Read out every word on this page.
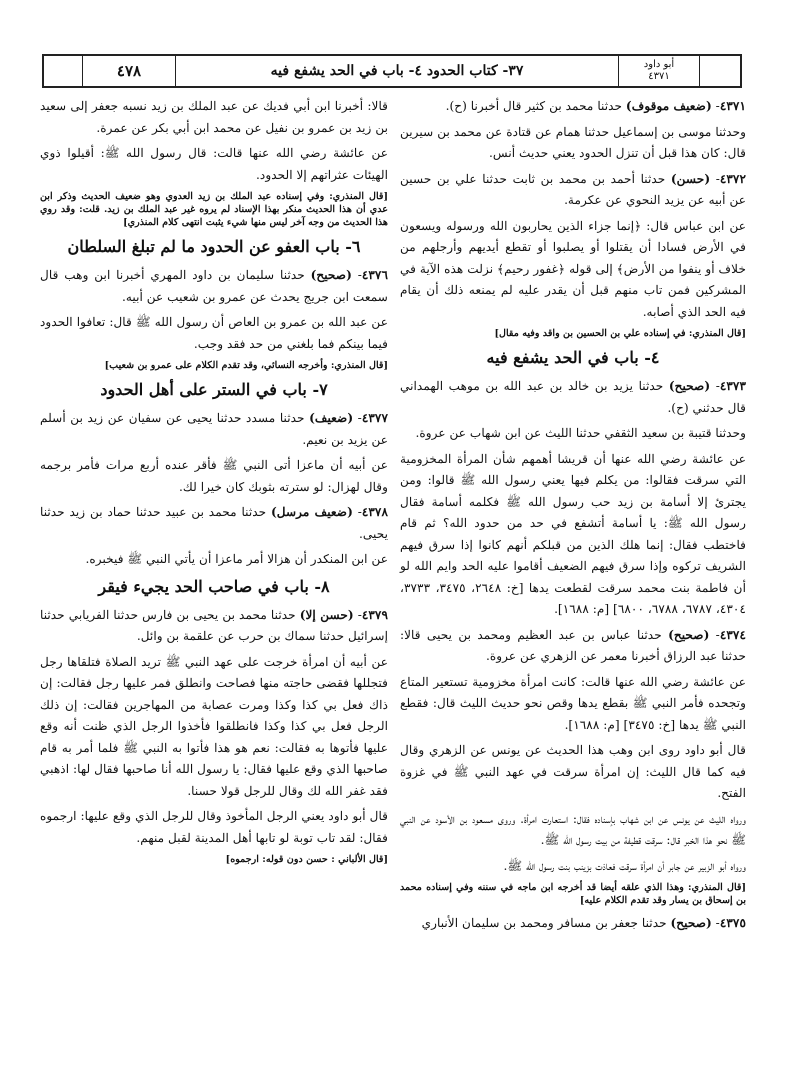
٤٧٨	٣٧- كتاب الحدود ٤- باب في الحد يشفع فيه	أبو داود
٤٣٧١

٤٣٧١- (ضعيف موقوف) حدثنا محمد بن كثير قال أخبرنا (ح).

وحدثنا موسى بن إسماعيل حدثنا همام عن قتادة عن محمد بن سيرين قال: كان هذا قبل أن تنزل الحدود يعني حديث أنس.

٤٣٧٢- (حسن) حدثنا أحمد بن محمد بن ثابت حدثنا علي بن حسين عن أبيه عن يزيد النحوي عن عكرمة.

عن ابن عباس قال: ﴿إنما جزاء الذين يحاربون الله ورسوله ويسعون في الأرض فسادا أن يقتلوا أو يصلبوا أو تقطع أيديهم وأرجلهم من خلاف أو ينفوا من الأرض﴾ إلى قوله ﴿غفور رحيم﴾ نزلت هذه الآية في المشركين فمن تاب منهم قبل أن يقدر عليه لم يمنعه ذلك أن يقام فيه الحد الذي أصابه.

[قال المنذري: في إسناده علي بن الحسين بن واقد وفيه مقال]
٤- باب في الحد يشفع فيه

٤٣٧٣- (صحيح) حدثنا يزيد بن خالد بن عبد الله بن موهب الهمداني قال حدثني (ح).

وحدثنا قتيبة بن سعيد الثقفي حدثنا الليث عن ابن شهاب عن عروة.

عن عائشة رضي الله عنها أن قريشا أهمهم شأن المرأة المخزومية التي سرقت فقالوا: من يكلم فيها يعني رسول الله ﷺ قالوا: ومن يجترئ إلا أسامة بن زيد حب رسول الله ﷺ فكلمه أسامة فقال رسول الله ﷺ: يا أسامة أتشفع في حد من حدود الله؟ ثم قام فاختطب فقال: إنما هلك الذين من قبلكم أنهم كانوا إذا سرق فيهم الشريف تركوه وإذا سرق فيهم الضعيف أقاموا عليه الحد وايم الله لو أن فاطمة بنت محمد سرقت لقطعت يدها [خ: ٢٦٤٨، ٣٤٧٥، ٣٧٣٣، ٤٣٠٤، ٦٧٨٧، ٦٧٨٨، ٦٨٠٠] [م: ١٦٨٨].

٤٣٧٤- (صحيح) حدثنا عباس بن عبد العظيم ومحمد بن يحيى قالا: حدثنا عبد الرزاق أخبرنا معمر عن الزهري عن عروة.

عن عائشة رضي الله عنها قالت: كانت امرأة مخزومية تستعير المتاع وتجحده فأمر النبي ﷺ بقطع يدها وقص نحو حديث الليث قال: فقطع النبي ﷺ يدها [خ: ٣٤٧٥] [م: ١٦٨٨].

قال أبو داود روى ابن وهب هذا الحديث عن يونس عن الزهري وقال فيه كما قال الليث: إن امرأة سرقت في عهد النبي ﷺ في غزوة الفتح.

ورواه الليث عن يونس عن ابن شهاب بإسناده فقال: استعارت امرأة. وروى مسعود بن الأسود عن النبي ﷺ نحو هذا الخبر قال: سرقت قطيفة من بيت رسول الله ﷺ.

ورواه أبو الزبير عن جابر أن امرأة سرقت فعاذت بزينب بنت رسول الله ﷺ.

[قال المنذري: وهذا الذي علقه أيضا قد أخرجه ابن ماجه في سننه وفي إسناده محمد بن إسحاق بن يسار وقد تقدم الكلام عليه]

٤٣٧٥- (صحيح) حدثنا جعفر بن مسافر ومحمد بن سليمان الأنباري

قالا: أخبرنا ابن أبي فديك عن عبد الملك بن زيد نسبه جعفر إلى سعيد بن زيد بن عمرو بن نفيل عن محمد ابن أبي بكر عن عمرة.

عن عائشة رضي الله عنها قالت: قال رسول الله ﷺ: أقيلوا ذوي الهيئات عثراتهم إلا الحدود.

[قال المنذري: وفي إسناده عبد الملك بن زيد العدوي وهو ضعيف الحديث وذكر ابن عدي أن هذا الحديث منكر بهذا الإسناد لم يروه غير عبد الملك بن زيد. قلت: وقد روي هذا الحديث من وجه آخر ليس منها شيء يثبت انتهى كلام المنذري]
٦- باب العفو عن الحدود ما لم تبلغ السلطان

٤٣٧٦- (صحيح) حدثنا سليمان بن داود المهري أخبرنا ابن وهب قال سمعت ابن جريج يحدث عن عمرو بن شعيب عن أبيه.

عن عبد الله بن عمرو بن العاص أن رسول الله ﷺ قال: تعافوا الحدود فيما بينكم فما بلغني من حد فقد وجب.

[قال المنذري: وأخرجه النسائي، وقد تقدم الكلام على عمرو بن شعيب]
٧- باب في الستر على أهل الحدود

٤٣٧٧- (ضعيف) حدثنا مسدد حدثنا يحيى عن سفيان عن زيد بن أسلم عن يزيد بن نعيم.

عن أبيه أن ماعزا أتى النبي ﷺ فأقر عنده أربع مرات فأمر برجمه وقال لهزال: لو سترته بثوبك كان خيرا لك.

٤٣٧٨- (ضعيف مرسل) حدثنا محمد بن عبيد حدثنا حماد بن زيد حدثنا يحيى.

عن ابن المنكدر أن هزالا أمر ماعزا أن يأتي النبي ﷺ فيخبره.

٨- باب في صاحب الحد يجيء فيقر

٤٣٧٩- (حسن إلا) حدثنا محمد بن يحيى بن فارس حدثنا الفريابي حدثنا إسرائيل حدثنا سماك بن حرب عن علقمة بن وائل.

عن أبيه أن امرأة خرجت على عهد النبي ﷺ تريد الصلاة فتلقاها رجل فتجللها فقضى حاجته منها فصاحت وانطلق فمر عليها رجل فقالت: إن ذاك فعل بي كذا وكذا ومرت عصابة من المهاجرين فقالت: إن ذلك الرجل فعل بي كذا وكذا فانطلقوا فأخذوا الرجل الذي ظنت أنه وقع عليها فأتوها به فقالت: نعم هو هذا فأتوا به النبي ﷺ فلما أمر به قام صاحبها الذي وقع عليها فقال: يا رسول الله أنا صاحبها فقال لها: اذهبي فقد غفر الله لك وقال للرجل قولا حسنا.

قال أبو داود يعني الرجل المأخوذ وقال للرجل الذي وقع عليها: ارجموه فقال: لقد تاب توبة لو تابها أهل المدينة لقبل منهم.

[قال الألباني : حسن دون قوله: ارجموه]
